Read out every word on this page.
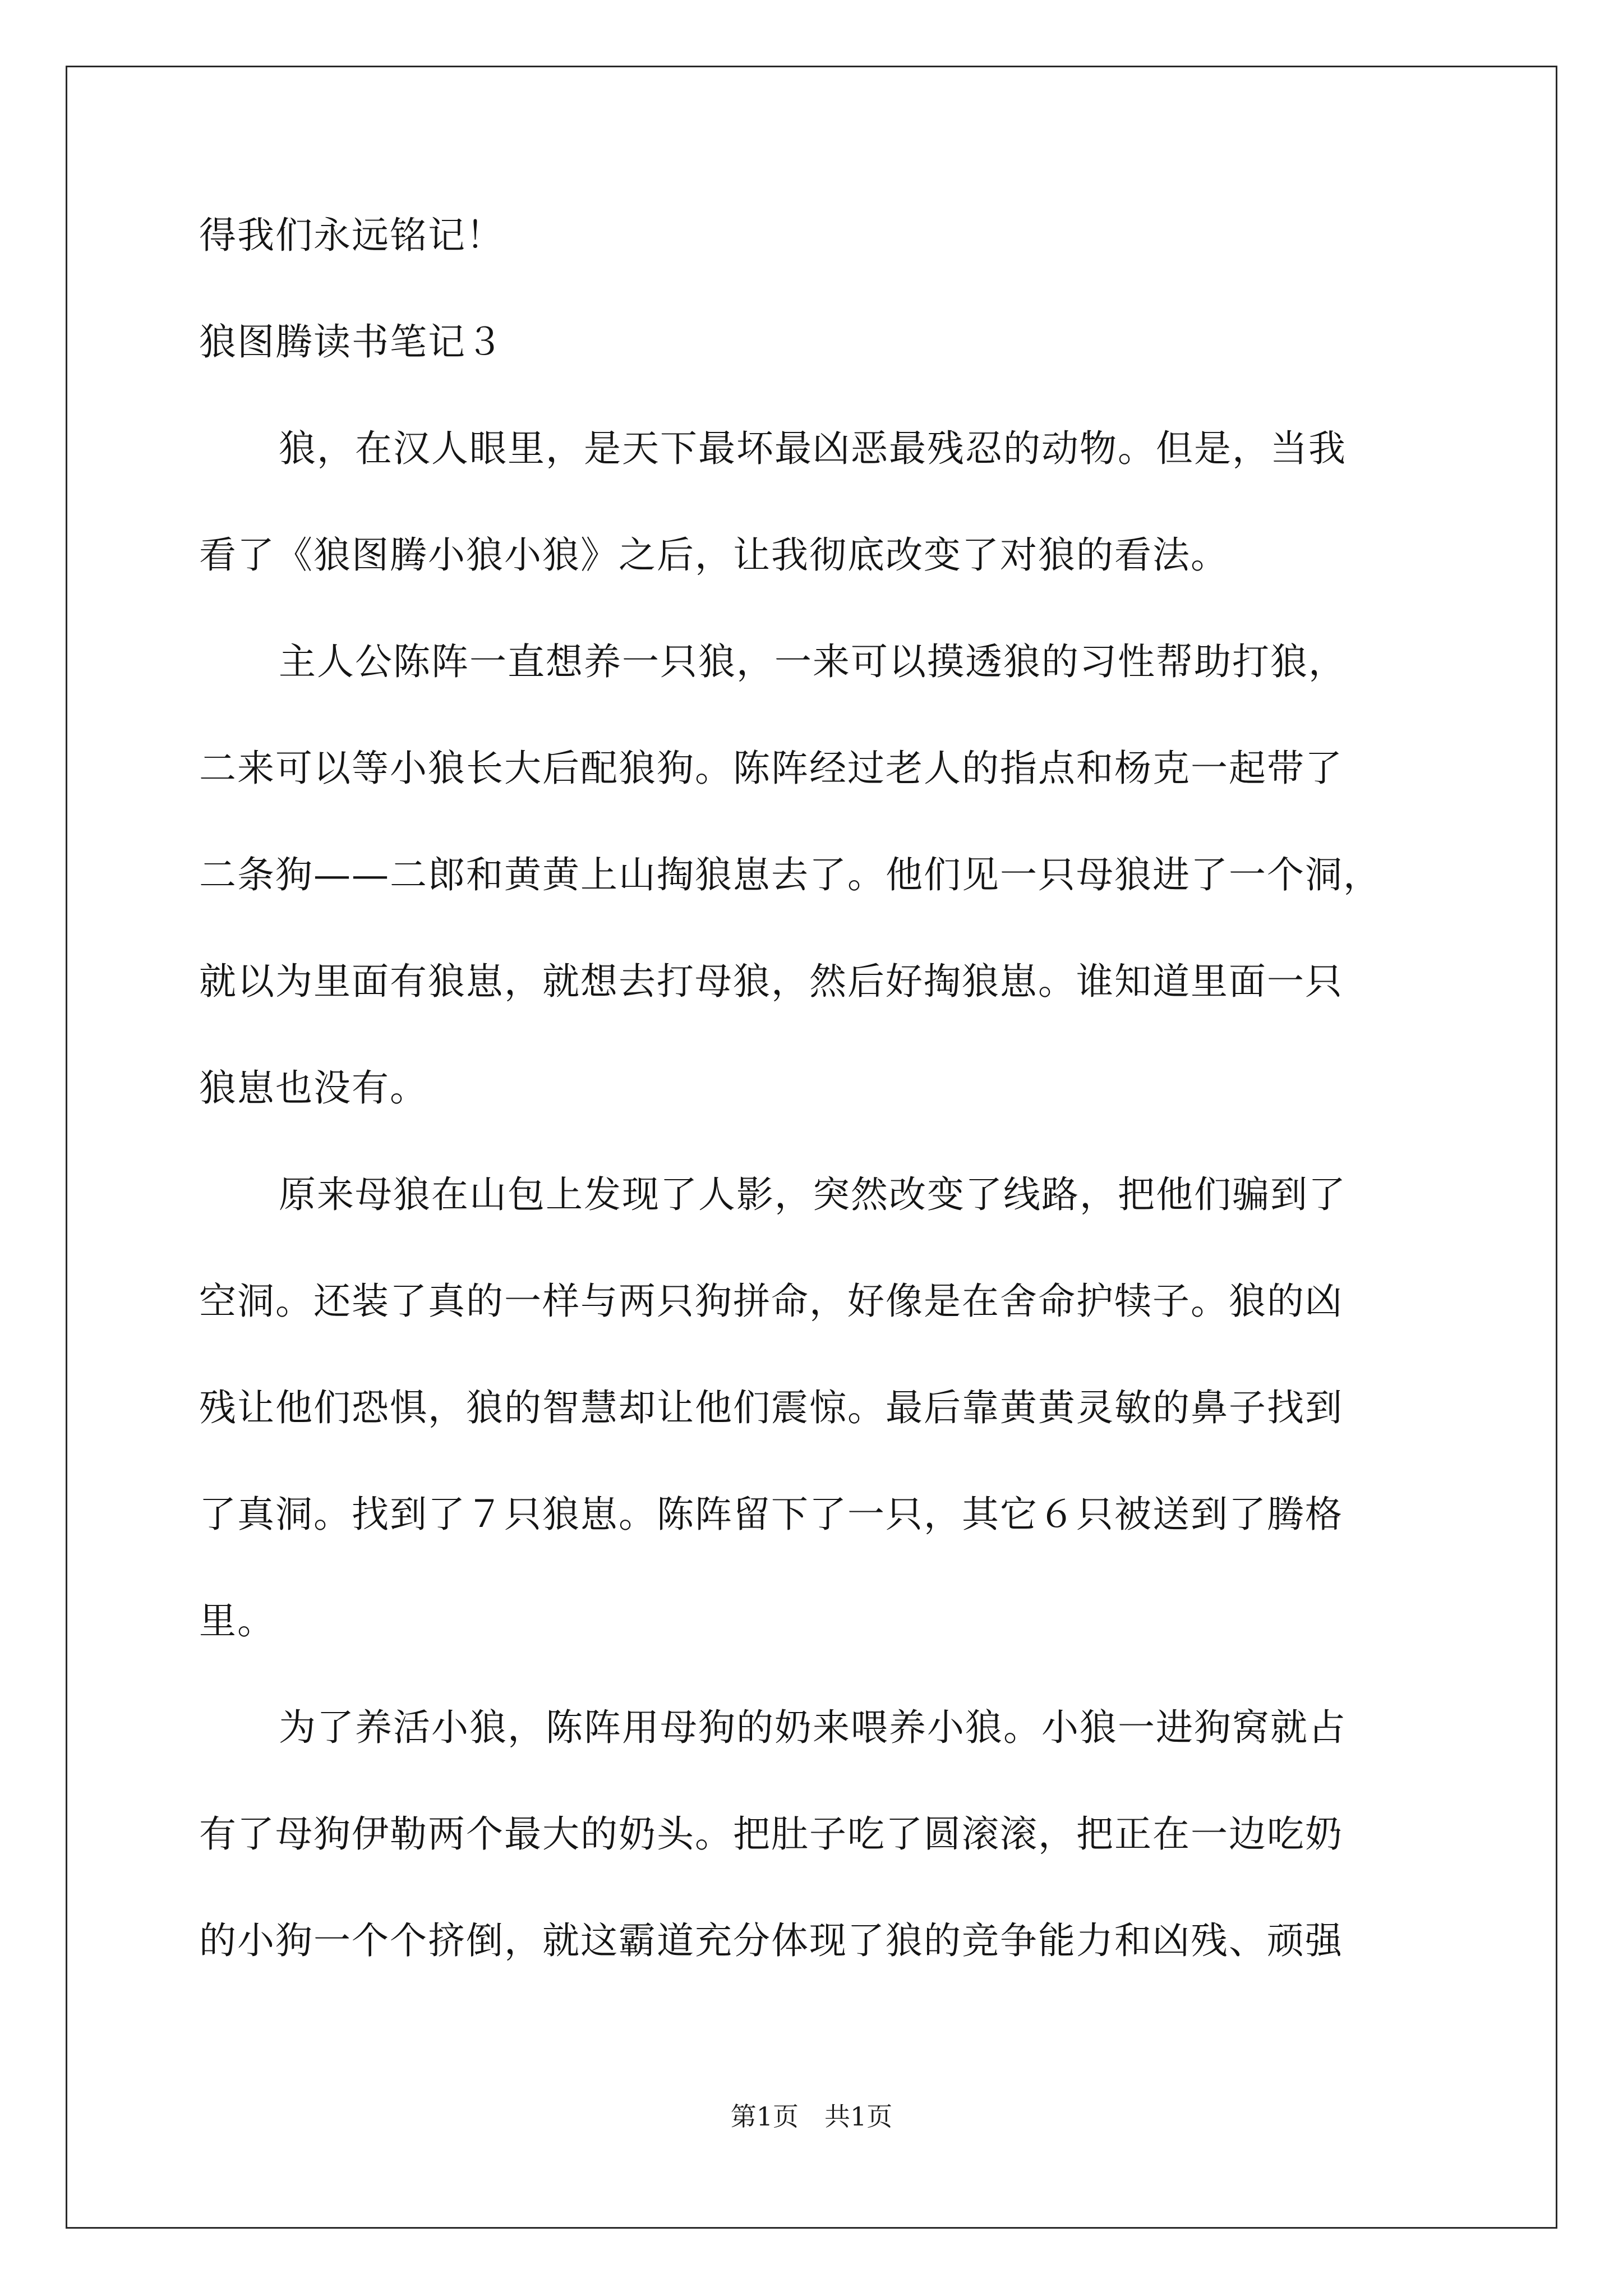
得我们永远铭记！
狼图腾读书笔记３
狼，在汉人眼里，是天下最坏最凶恶最残忍的动物。但是，当我
看了《狼图腾小狼小狼》之后，让我彻底改变了对狼的看法。
主人公陈阵一直想养一只狼，一来可以摸透狼的习性帮助打狼，
二来可以等小狼长大后配狼狗。陈阵经过老人的指点和杨克一起带了
二条狗——二郎和黄黄上山掏狼崽去了。他们见一只母狼进了一个洞，
就以为里面有狼崽，就想去打母狼，然后好掏狼崽。谁知道里面一只
狼崽也没有。
原来母狼在山包上发现了人影，突然改变了线路，把他们骗到了
空洞。还装了真的一样与两只狗拼命，好像是在舍命护犊子。狼的凶
残让他们恐惧，狼的智慧却让他们震惊。最后靠黄黄灵敏的鼻子找到
了真洞。找到了７只狼崽。陈阵留下了一只，其它６只被送到了腾格
里。
为了养活小狼，陈阵用母狗的奶来喂养小狼。小狼一进狗窝就占
有了母狗伊勒两个最大的奶头。把肚子吃了圆滚滚，把正在一边吃奶
的小狗一个个挤倒，就这霸道充分体现了狼的竞争能力和凶残、顽强
第1页　共1页
